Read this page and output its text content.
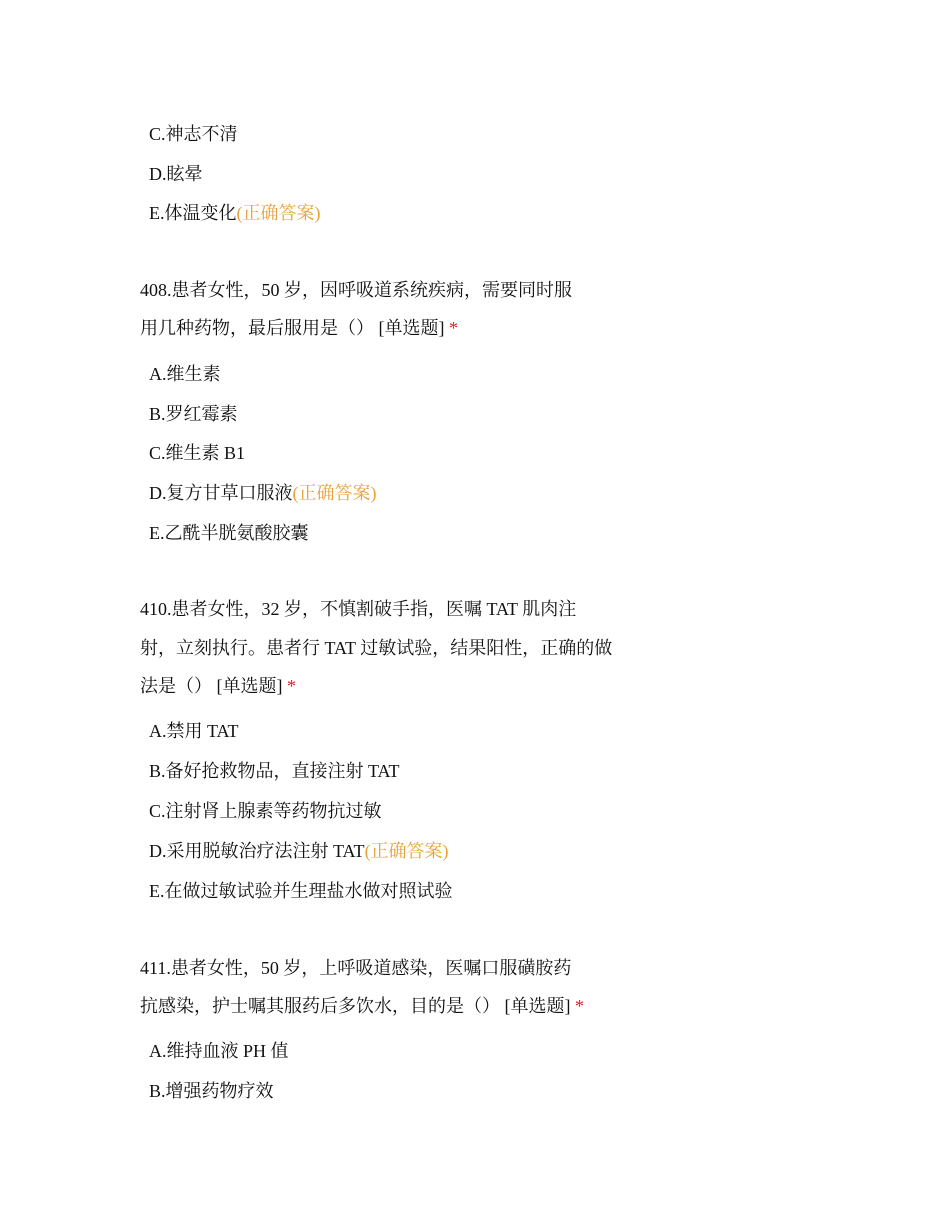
C.神志不清
D.眩晕
E.体温变化(正确答案)
408.患者女性，50 岁，因呼吸道系统疾病，需要同时服
用几种药物，最后服用是（） [单选题] *
A.维生素
B.罗红霉素
C.维生素 B1
D.复方甘草口服液(正确答案)
E.乙酰半胱氨酸胶囊
410.患者女性，32 岁，不慎割破手指，医嘱 TAT 肌肉注
射，立刻执行。患者行 TAT 过敏试验，结果阳性，正确的做
法是（） [单选题] *
A.禁用 TAT
B.备好抢救物品，直接注射 TAT
C.注射肾上腺素等药物抗过敏
D.采用脱敏治疗法注射 TAT(正确答案)
E.在做过敏试验并生理盐水做对照试验
411.患者女性，50 岁，上呼吸道感染，医嘱口服磺胺药
抗感染，护士嘱其服药后多饮水，目的是（） [单选题] *
A.维持血液 PH 值
B.增强药物疗效
